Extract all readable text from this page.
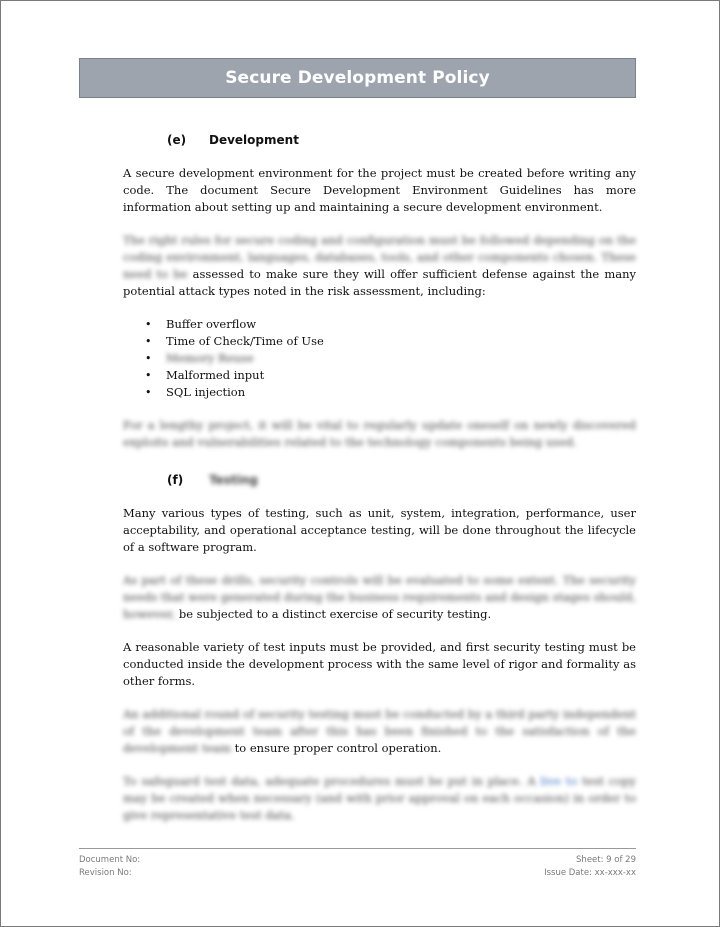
Secure Development Policy
(e)	Development

A secure development environment for the project must be created before writing any code. The document Secure Development Environment Guidelines has more information about setting up and maintaining a secure development environment.

The right rules for secure coding and configuration must be followed depending on the coding environment, languages, databases, tools, and other components chosen. These need to be assessed to make sure they will offer sufficient defense against the many potential attack types noted in the risk assessment, including:

• Buffer overflow
• Time of Check/Time of Use
• Memory Reuse
• Malformed input
• SQL injection

For a lengthy project, it will be vital to regularly update oneself on newly discovered exploits and vulnerabilities related to the technology components being used.

(f)	Testing

Many various types of testing, such as unit, system, integration, performance, user acceptability, and operational acceptance testing, will be done throughout the lifecycle of a software program.

As part of these drills, security controls will be evaluated to some extent. The security needs that were generated during the business requirements and design stages should, however, be subjected to a distinct exercise of security testing.

A reasonable variety of test inputs must be provided, and first security testing must be conducted inside the development process with the same level of rigor and formality as other forms.

An additional round of security testing must be conducted by a third party independent of the development team after this has been finished to the satisfaction of the development team to ensure proper control operation.

To safeguard test data, adequate procedures must be put in place. A live to test copy may be created when necessary (and with prior approval on each occasion) in order to give representative test data.

Document No:	Sheet: 9 of 29
Revision No:	Issue Date: xx-xxx-xx
